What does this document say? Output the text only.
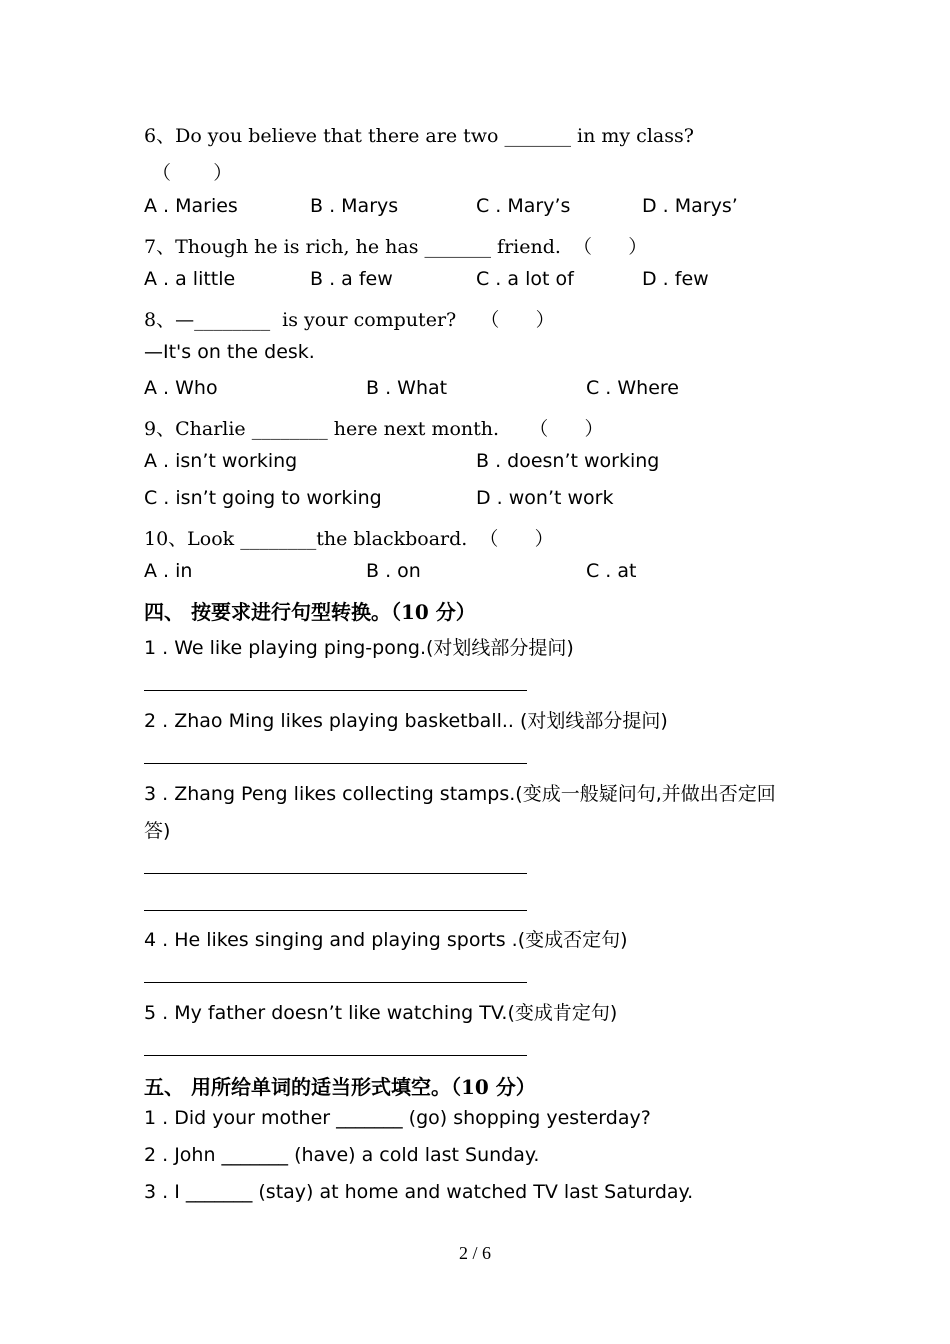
6、Do you believe that there are two _______ in my class?
（       ）
A . Maries	B . Marys	C . Mary’s	D . Marys’
7、Though he is rich, he has _______ friend.  （      ）
A . a little	B . a few	C . a lot of	D . few
8、—________  is your computer?    （      ）
—It's on the desk.
A . Who	B . What	C . Where
9、Charlie ________ here next month.     （      ）
A . isn’t working	B . doesn’t working
C . isn’t going to working	D . won’t work
10、Look ________the blackboard.  （      ）
A . in	B . on	C . at
四、 按要求进行句型转换。（10 分）
1 . We like playing ping-pong.(对划线部分提问)
2 . Zhao Ming likes playing basketball.. (对划线部分提问)
3 . Zhang Peng likes collecting stamps.(变成一般疑问句,并做出否定回
答)
4 . He likes singing and playing sports .(变成否定句)
5 . My father doesn’t like watching TV.(变成肯定句)
五、 用所给单词的适当形式填空。（10 分）
1 . Did your mother _______ (go) shopping yesterday?
2 . John _______ (have) a cold last Sunday.
3 . I _______ (stay) at home and watched TV last Saturday.
2 / 6
